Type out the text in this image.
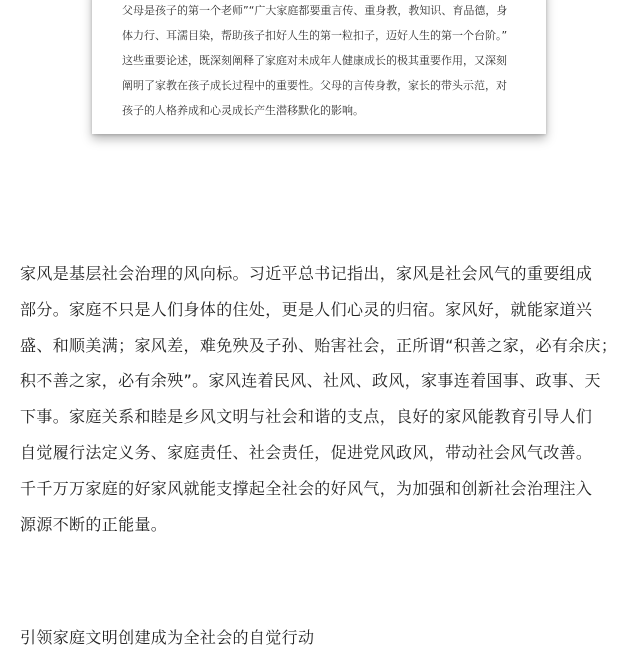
父母是孩子的第一个老师”“广大家庭都要重言传、重身教，教知识、育品德，身
体力行、耳濡目染，帮助孩子扣好人生的第一粒扣子，迈好人生的第一个台阶。”
这些重要论述，既深刻阐释了家庭对未成年人健康成长的极其重要作用，又深刻
阐明了家教在孩子成长过程中的重要性。父母的言传身教，家长的带头示范，对
孩子的人格养成和心灵成长产生潜移默化的影响。

家风是基层社会治理的风向标。习近平总书记指出，家风是社会风气的重要组成
部分。家庭不只是人们身体的住处，更是人们心灵的归宿。家风好，就能家道兴
盛、和顺美满；家风差，难免殃及子孙、贻害社会，正所谓“积善之家，必有余庆；
积不善之家，必有余殃”。家风连着民风、社风、政风，家事连着国事、政事、天
下事。家庭关系和睦是乡风文明与社会和谐的支点，良好的家风能教育引导人们
自觉履行法定义务、家庭责任、社会责任，促进党风政风，带动社会风气改善。
千千万万家庭的好家风就能支撑起全社会的好风气，为加强和创新社会治理注入
源源不断的正能量。

引领家庭文明创建成为全社会的自觉行动
